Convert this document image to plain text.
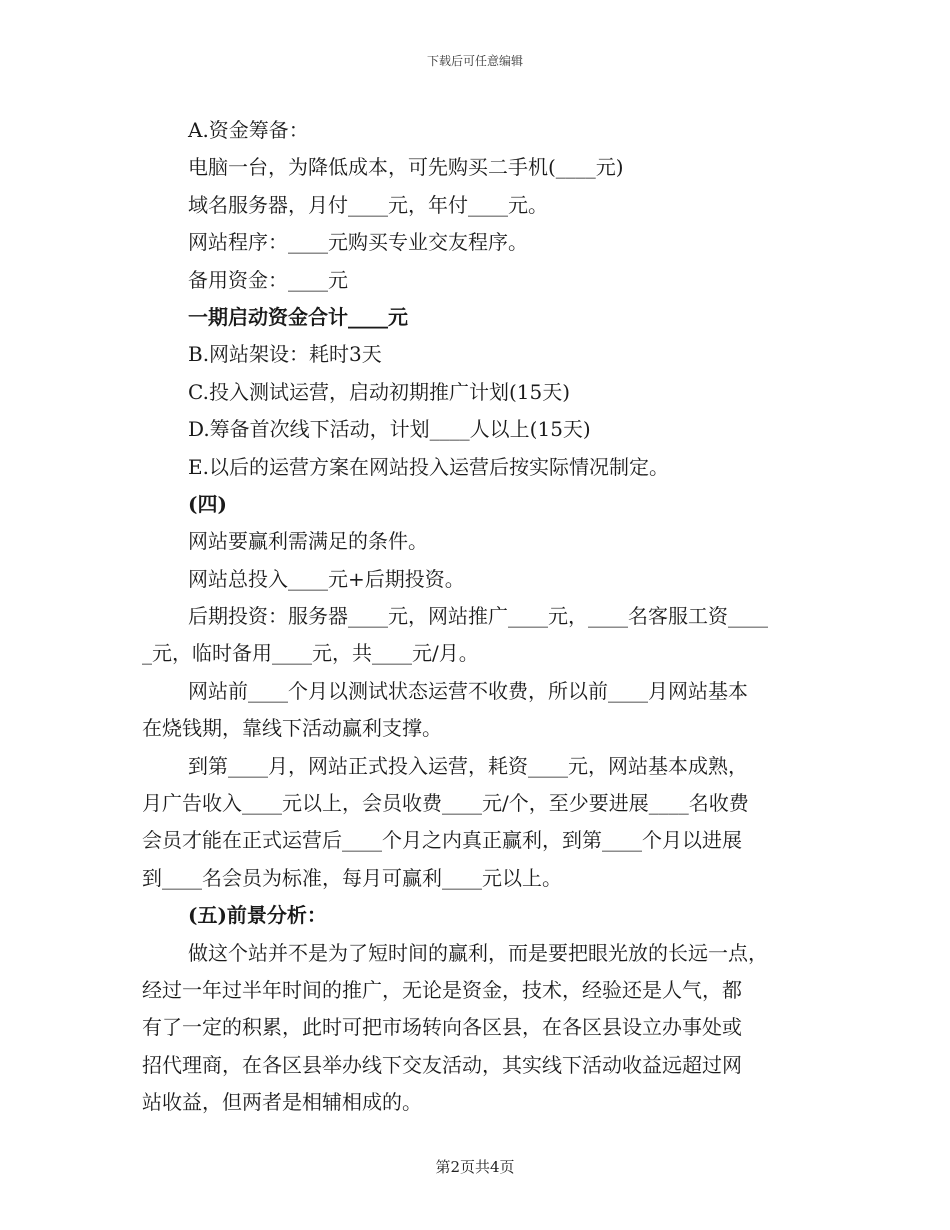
下载后可任意编辑
A.资金筹备：
电脑一台，为降低成本，可先购买二手机(____元)
域名服务器，月付____元，年付____元。
网站程序：____元购买专业交友程序。
备用资金：____元
一期启动资金合计____元
B.网站架设：耗时3天
C.投入测试运营，启动初期推广计划(15天)
D.筹备首次线下活动，计划____人以上(15天)
E.以后的运营方案在网站投入运营后按实际情况制定。
(四)
网站要赢利需满足的条件。
网站总投入____元+后期投资。
后期投资：服务器____元，网站推广____元，____名客服工资____
_元，临时备用____元，共____元/月。
网站前____个月以测试状态运营不收费，所以前____月网站基本
在烧钱期，靠线下活动赢利支撑。
到第____月，网站正式投入运营，耗资____元，网站基本成熟，
月广告收入____元以上，会员收费____元/个，至少要进展____名收费
会员才能在正式运营后____个月之内真正赢利，到第____个月以进展
到____名会员为标准，每月可赢利____元以上。
(五)前景分析：
做这个站并不是为了短时间的赢利，而是要把眼光放的长远一点，
经过一年过半年时间的推广，无论是资金，技术，经验还是人气，都
有了一定的积累，此时可把市场转向各区县，在各区县设立办事处或
招代理商，在各区县举办线下交友活动，其实线下活动收益远超过网
站收益，但两者是相辅相成的。
第2页共4页
